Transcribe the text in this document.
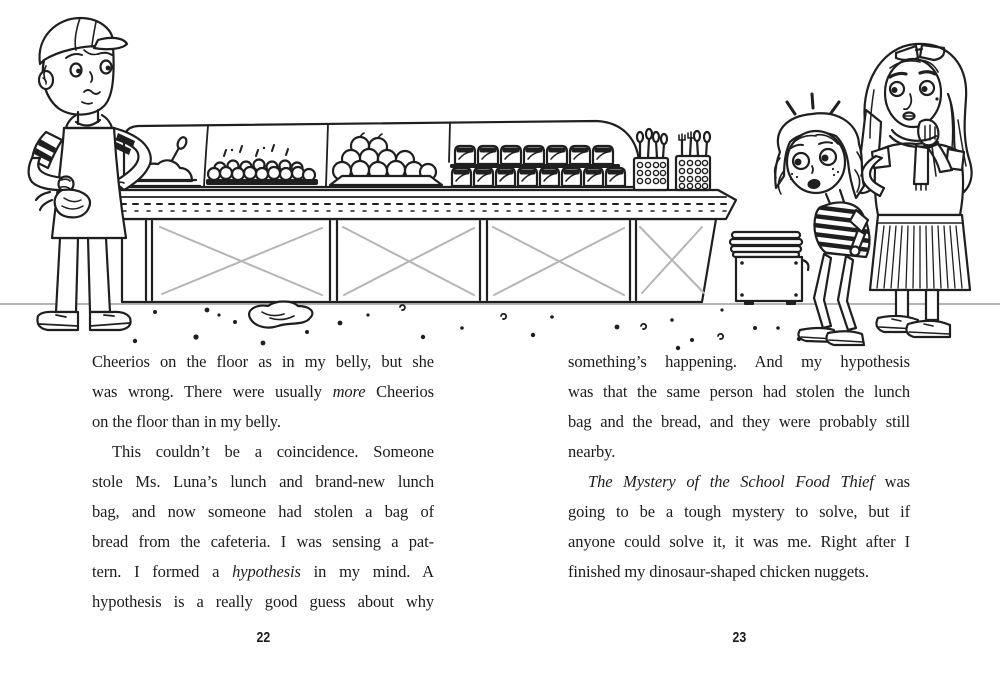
Cheerios on the floor as in my belly, but she
was wrong. There were usually more Cheerios
on the floor than in my belly.
This couldn’t be a coincidence. Someone
stole Ms. Luna’s lunch and brand-new lunch
bag, and now someone had stolen a bag of
bread from the cafeteria. I was sensing a pat-
tern. I formed a hypothesis in my mind. A
hypothesis is a really good guess about why
22
something’s happening. And my hypothesis
was that the same person had stolen the lunch
bag and the bread, and they were probably still
nearby.
The Mystery of the School Food Thief was
going to be a tough mystery to solve, but if
anyone could solve it, it was me. Right after I
finished my dinosaur-shaped chicken nuggets.
23
